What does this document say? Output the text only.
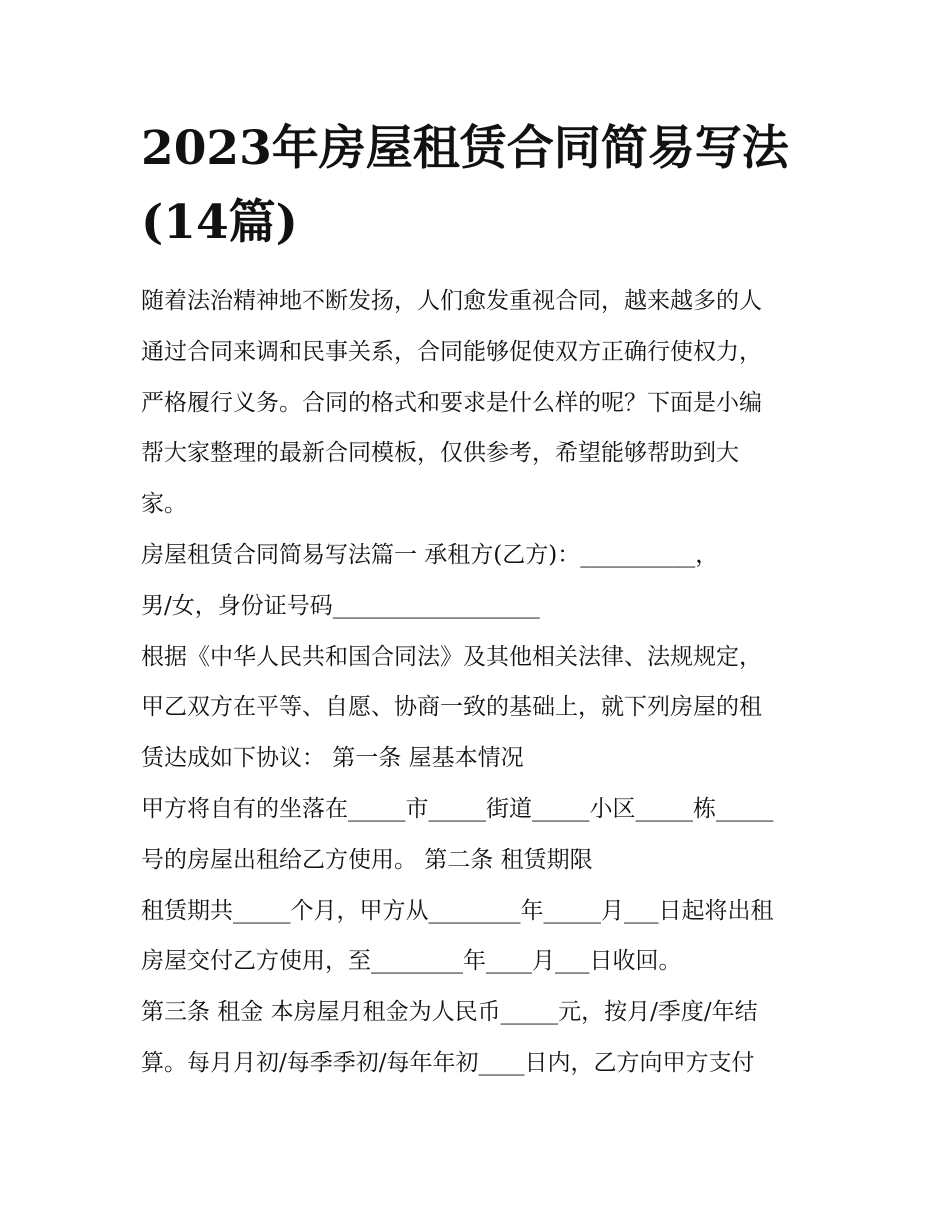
2023年房屋租赁合同简易写法
(14篇)
随着法治精神地不断发扬，人们愈发重视合同，越来越多的人
通过合同来调和民事关系，合同能够促使双方正确行使权力，
严格履行义务。合同的格式和要求是什么样的呢？下面是小编
帮大家整理的最新合同模板，仅供参考，希望能够帮助到大
家。
房屋租赁合同简易写法篇一 承租方(乙方)：__________，
男/女，身份证号码__________________
根据《中华人民共和国合同法》及其他相关法律、法规规定，
甲乙双方在平等、自愿、协商一致的基础上，就下列房屋的租
赁达成如下协议： 第一条 屋基本情况
甲方将自有的坐落在_____市_____街道_____小区_____栋_____
号的房屋出租给乙方使用。 第二条 租赁期限
租赁期共_____个月，甲方从________年_____月___日起将出租
房屋交付乙方使用，至________年____月___日收回。
第三条 租金 本房屋月租金为人民币_____元，按月/季度/年结
算。每月月初/每季季初/每年年初____日内，乙方向甲方支付
